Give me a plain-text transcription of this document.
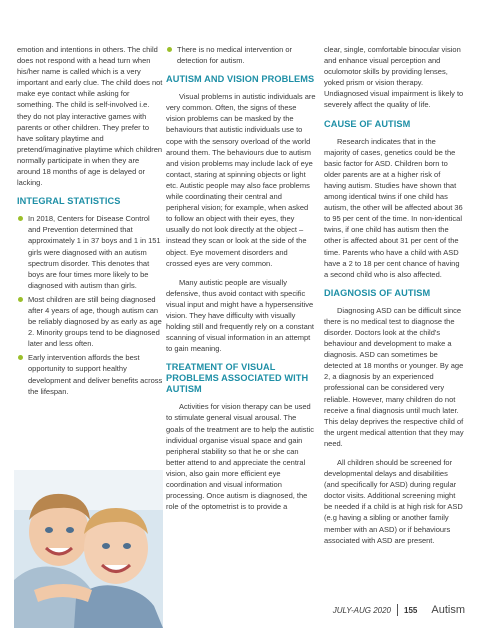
emotion and intentions in others. The child does not respond with a head turn when his/her name is called which is a very important and early clue. The child does not make eye contact while asking for something. The child is self-involved i.e. they do not play interactive games with parents or other children. They prefer to have solitary playtime and pretend/imaginative playtime which children normally participate in when they are around 18 months of age is delayed or lacking.

INTEGRAL STATISTICS
In 2018, Centers for Disease Control and Prevention determined that approximately 1 in 37 boys and 1 in 151 girls were diagnosed with an autism spectrum disorder. This denotes that boys are four times more likely to be diagnosed with autism than girls.
Most children are still being diagnosed after 4 years of age, though autism can be reliably diagnosed by as early as age 2. Minority groups tend to be diagnosed later and less often.
Early intervention affords the best opportunity to support healthy development and deliver benefits across the lifespan.
There is no medical intervention or detection for autism.
AUTISM AND VISION PROBLEMS

Visual problems in autistic individuals are very common. Often, the signs of these vision problems can be masked by the behaviours that autistic individuals use to cope with the sensory overload of the world around them. The behaviours due to autism and vision problems may include lack of eye contact, staring at spinning objects or light etc. Autistic people may also face problems while coordinating their central and peripheral vision; for example, when asked to follow an object with their eyes, they usually do not look directly at the object –instead they scan or look at the side of the object. Eye movement disorders and crossed eyes are very common.

Many autistic people are visually defensive, thus avoid contact with specific visual input and might have a hypersensitive vision. They have difficulty with visually holding still and frequently rely on a constant scanning of visual information in an attempt to gain meaning.

TREATMENT OF VISUAL PROBLEMS ASSOCIATED WITH AUTISM

Activities for vision therapy can be used to stimulate general visual arousal. The goals of the treatment are to help the autistic individual organise visual space and gain peripheral stability so that he or she can better attend to and appreciate the central vision, also gain more efficient eye coordination and visual information processing. Once autism is diagnosed, the role of the optometrist is to provide a

clear, single, comfortable binocular vision and enhance visual perception and oculomotor skills by providing lenses, yoked prism or vision therapy. Undiagnosed visual impairment is likely to severely affect the quality of life.

CAUSE OF AUTISM

Research indicates that in the majority of cases, genetics could be the basic factor for ASD. Children born to older parents are at a higher risk of having autism. Studies have shown that among identical twins if one child has autism, the other will be affected about 36 to 95 per cent of the time. In non-identical twins, if one child has autism then the other is affected about 31 per cent of the time. Parents who have a child with ASD have a 2 to 18 per cent chance of having a second child who is also affected.

DIAGNOSIS OF AUTISM

Diagnosing ASD can be difficult since there is no medical test to diagnose the disorder. Doctors look at the child's behaviour and development to make a diagnosis. ASD can sometimes be detected at 18 months or younger. By age 2, a diagnosis by an experienced professional can be considered very reliable. However, many children do not receive a final diagnosis until much later. This delay deprives the respective child of the urgent medical attention that they may need.

All children should be screened for developmental delays and disabilities (and specifically for ASD) during regular doctor visits. Additional screening might be needed if a child is at high risk for ASD (e.g having a sibling or another family member with an ASD) or if behaviours associated with ASD are present.

JULY-AUG 2020 155 Autism
